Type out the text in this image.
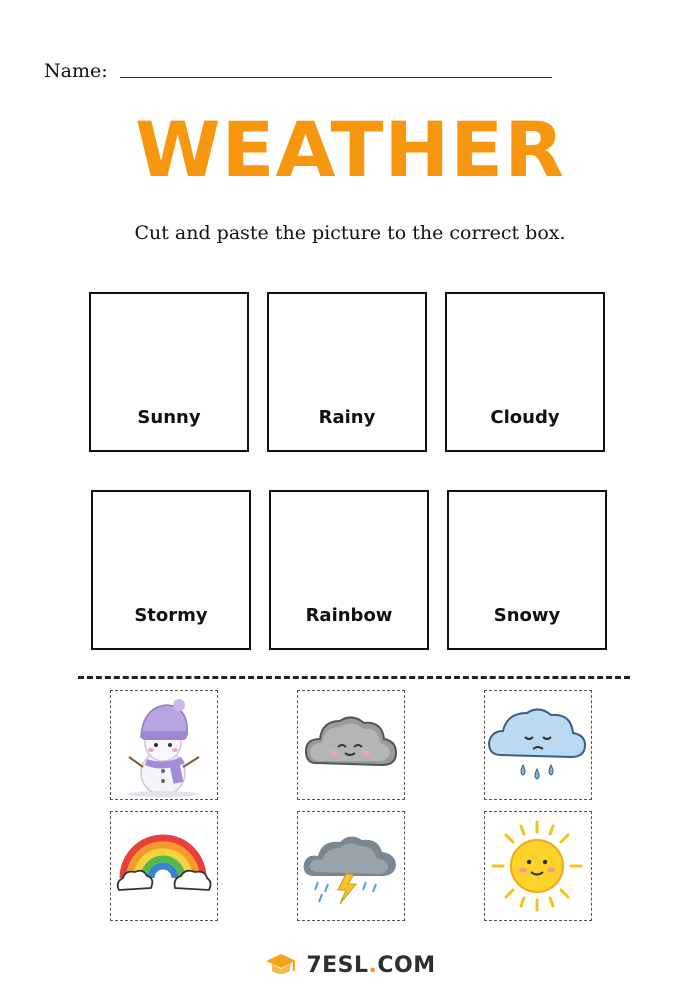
Name:
WEATHER
Cut and paste the picture to the correct box.
Sunny	Rainy	Cloudy
Stormy	Rainbow	Snowy
7ESL.COM
